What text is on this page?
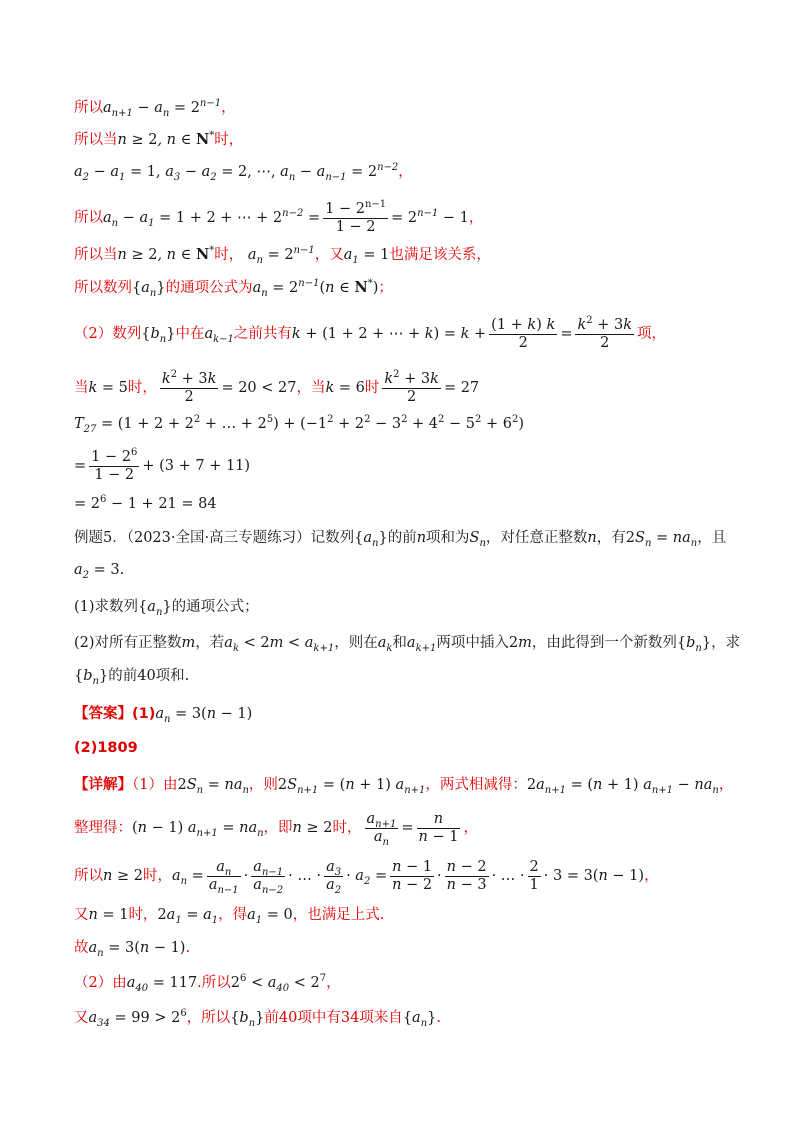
所以$a_{n+1} - a_n = 2^{n-1}$，
所以当n ≥ 2, n ∈ N*时，
$a_2 - a_1 = 1$, $a_3 - a_2 = 2$, ⋯, $a_n - a_{n-1} = 2^{n-2}$，
所以$a_n - a_1 = 1 + 2$ + ⋯ + $2^{n-2} = \frac{1 - 2^{n-1}}{1 - 2} = 2^{n-1} - 1$，
所以当n ≥ 2, n ∈ N*时， $a_n = 2^{n-1}$，又$a_1 = 1$也满足该关系，
所以数列$\{a_n\}$的通项公式为$a_n = 2^{n-1}(n$ ∈ N*)；
（2）数列$\{b_n\}$中在$a_{k-1}$之前共有k + (1 + 2 + ⋯ + $k) = k + \frac{(1 + k) k}{2} = \frac{k^2 + 3k}{2}$ 项，
当k = 5时， $\frac{k^2 + 3k}{2} = 20 < 27$，当k = 6时 $\frac{k^2 + 3k}{2} = 27$
$T_{27} = (1 + 2 + 2^2$ + … + $2^5) + (-1^2 + 2^2 - 3^2 + 4^2 - 5^2 + 6^2)$
= $\frac{1 - 2^6}{1 - 2} + (3 + 7 + 11)$
= $2^6 - 1 + 21 = 84$
例题5．（2023·全国·高三专题练习）记数列$\{a_n\}$的前n项和为$S_n$，对任意正整数n，有$2S_n = na_n$，且
$a_2 = 3$.
(1)求数列$\{a_n\}$的通项公式；
(2)对所有正整数m，若$a_k < 2m < a_{k+1}$，则在$a_k$和$a_{k+1}$两项中插入2m，由此得到一个新数列$\{b_n\}$，求
$\{b_n\}$的前40项和.
【答案】$(1)a_n = 3(n - 1)$
(2)1809
【详解】（1）由$2S_n = na_n$，则$2S_{n+1} = (n + 1)$ $a_{n+1}$，两式相减得：$2a_{n+1} = (n + 1) a_{n+1} - na_n$，
整理得：(n − 1) $a_{n+1} = na_n$，即n ≥ 2时， $\frac{a_{n+1}}{a_n} = \frac{n}{n - 1}$ ，
所以n ≥ 2时，$a_n = \frac{a_n}{a_{n-1}} \cdot \frac{a_{n-1}}{a_{n-2}}$ · … · $\frac{a_3}{a_2} \cdot a_2 = \frac{n - 1}{n - 2} \cdot \frac{n - 2}{n - 3}$ · … · $\frac{2}{1} \cdot 3 = 3(n - 1)$，
又n = 1时，$2a_1 = a_1$，得$a_1 = 0$，也满足上式.
故$a_n = 3(n - 1)$.
（2）由$a_{40} = 117$.所以$2^6 < a_{40} < 2^7$，
又$a_{34} = 99 > 2^6$，所以$\{b_n\}$前40项中有34项来自$\{a_n\}$.
